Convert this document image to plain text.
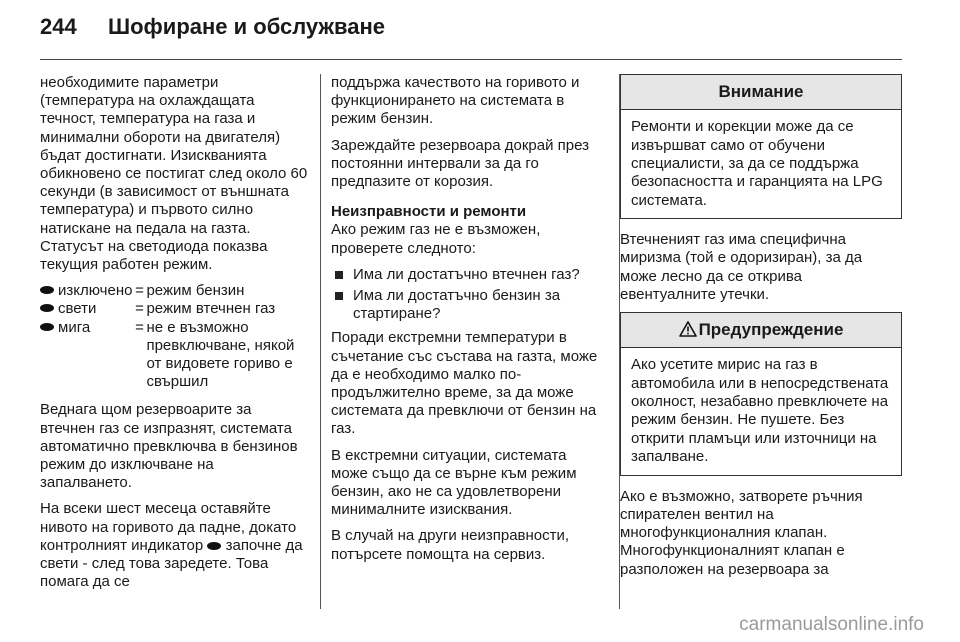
244 Шофиране и обслужване

необходимите параметри (температура на охлаждащата течност, температура на газа и минимални обороти на двигателя) бъдат достигнати. Изискванията обикновено се постигат след около 60 секунди (в зависимост от външната температура) и първото силно натискане на педала на газта. Статусът на светодиода показва текущия работен режим.

	изключено	=	режим бензин
	свети	=	режим втечнен газ
	мига	=	не е възможно превключване, някой от видовете гориво е свършил

Веднага щом резервоарите за втечнен газ се изпразнят, системата автоматично превключва в бензинов режим до изключване на запалването.

На всеки шест месеца оставяйте нивото на горивото да падне, докато контролният индикатор започне да свети - след това заредете. Това помага да се

поддържа качеството на горивото и функционирането на системата в режим бензин.

Зареждайте резервоара докрай през постоянни интервали за да го предпазите от корозия.

Неизправности и ремонти

Ако режим газ не е възможен, проверете следното:

Има ли достатъчно втечнен газ?
Има ли достатъчно бензин за стартиране?

Поради екстремни температури в съчетание със състава на газта, може да е необходимо малко по-продължително време, за да може системата да превключи от бензин на газ.

В екстремни ситуации, системата може също да се върне към режим бензин, ако не са удовлетворени минималните изисквания.

В случай на други неизправности, потърсете помощта на сервиз.

Внимание
Ремонти и корекции може да се извършват само от обучени специалисти, за да се поддържа безопасността и гаранцията на LPG системата.

Втечненият газ има специфична миризма (той е одоризиран), за да може лесно да се открива евентуалните утечки.

Предупреждение
Ако усетите мирис на газ в автомобила или в непосредствената околност, незабавно превключете на режим бензин. Не пушете. Без открити пламъци или източници на запалване.

Ако е възможно, затворете ръчния спирателен вентил на многофункционалния клапан. Многофункционалният клапан е разположен на резервоара за

carmanualsonline.info
